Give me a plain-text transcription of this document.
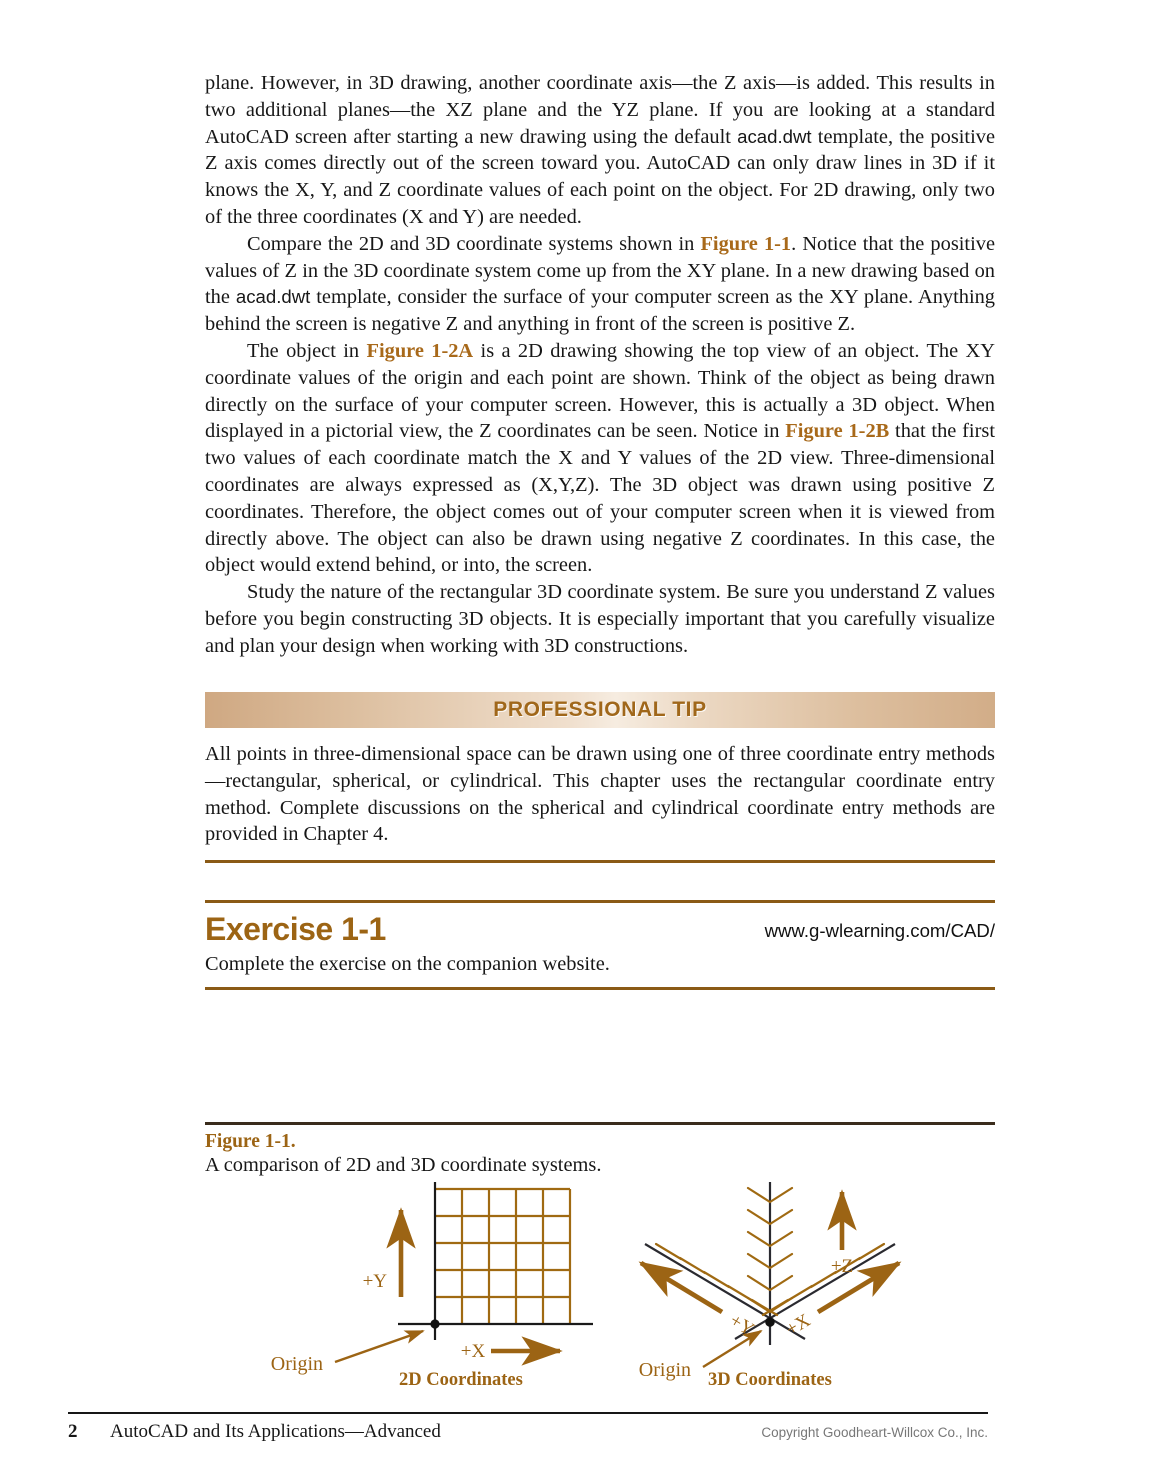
plane. However, in 3D drawing, another coordinate axis—the Z axis—is added. This results in two additional planes—the XZ plane and the YZ plane. If you are looking at a standard AutoCAD screen after starting a new drawing using the default acad.dwt template, the positive Z axis comes directly out of the screen toward you. AutoCAD can only draw lines in 3D if it knows the X, Y, and Z coordinate values of each point on the object. For 2D drawing, only two of the three coordinates (X and Y) are needed.

Compare the 2D and 3D coordinate systems shown in Figure 1-1. Notice that the positive values of Z in the 3D coordinate system come up from the XY plane. In a new drawing based on the acad.dwt template, consider the surface of your computer screen as the XY plane. Anything behind the screen is negative Z and anything in front of the screen is positive Z.

The object in Figure 1-2A is a 2D drawing showing the top view of an object. The XY coordinate values of the origin and each point are shown. Think of the object as being drawn directly on the surface of your computer screen. However, this is actually a 3D object. When displayed in a pictorial view, the Z coordinates can be seen. Notice in Figure 1-2B that the first two values of each coordinate match the X and Y values of the 2D view. Three-dimensional coordinates are always expressed as (X,Y,Z). The 3D object was drawn using positive Z coordinates. Therefore, the object comes out of your computer screen when it is viewed from directly above. The object can also be drawn using negative Z coordinates. In this case, the object would extend behind, or into, the screen.

Study the nature of the rectangular 3D coordinate system. Be sure you understand Z values before you begin constructing 3D objects. It is especially important that you carefully visualize and plan your design when working with 3D constructions.

PROFESSIONAL TIP

All points in three-dimensional space can be drawn using one of three coordinate entry methods—rectangular, spherical, or cylindrical. This chapter uses the rectangular coordinate entry method. Complete discussions on the spherical and cylindrical coordinate entry methods are provided in Chapter 4.

Exercise 1-1	www.g-wlearning.com/CAD/

Complete the exercise on the companion website.

Figure 1-1.
A comparison of 2D and 3D coordinate systems.
+Y
+X
Origin
+Z
+X
+Y
Origin
2D Coordinates	3D Coordinates
2	AutoCAD and Its Applications—Advanced	Copyright Goodheart-Willcox Co., Inc.
